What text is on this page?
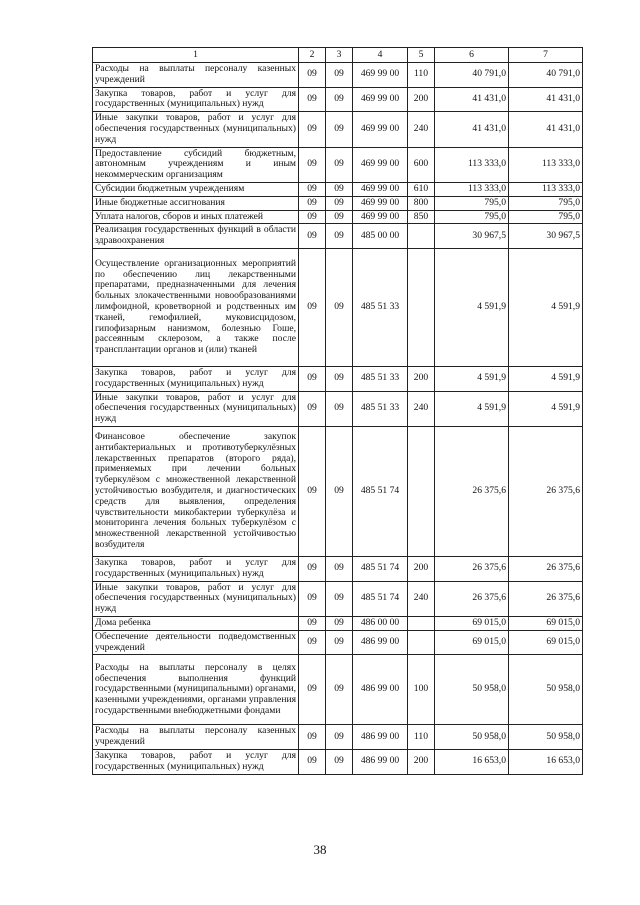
1	2	3	4	5	6	7
Расходы на выплаты персоналу казенных учреждений	09	09	469 99 00	110	40 791,0	40 791,0
Закупка товаров, работ и услуг для государственных (муниципальных) нужд	09	09	469 99 00	200	41 431,0	41 431,0
Иные закупки товаров, работ и услуг для обеспечения государственных (муниципальных) нужд	09	09	469 99 00	240	41 431,0	41 431,0
Предоставление субсидий бюджетным, автономным учреждениям и иным некоммерческим организациям	09	09	469 99 00	600	113 333,0	113 333,0
Субсидии бюджетным учреждениям	09	09	469 99 00	610	113 333,0	113 333,0
Иные бюджетные ассигнования	09	09	469 99 00	800	795,0	795,0
Уплата налогов, сборов и иных платежей	09	09	469 99 00	850	795,0	795,0
Реализация государственных функций в области здравоохранения	09	09	485 00 00		30 967,5	30 967,5
Осуществление организационных мероприятий по обеспечению лиц лекарственными препаратами, предназначенными для лечения больных злокачественными новообразованиями лимфоидной, кроветворной и родственных им тканей, гемофилией, муковисцидозом, гипофизарным нанизмом, болезнью Гоше, рассеянным склерозом, а также после трансплантации органов и (или) тканей	09	09	485 51 33		4 591,9	4 591,9
Закупка товаров, работ и услуг для государственных (муниципальных) нужд	09	09	485 51 33	200	4 591,9	4 591,9
Иные закупки товаров, работ и услуг для обеспечения государственных (муниципальных) нужд	09	09	485 51 33	240	4 591,9	4 591,9
Финансовое обеспечение закупок антибактериальных и противотуберкулёзных лекарственных препаратов (второго ряда), применяемых при лечении больных туберкулёзом с множественной лекарственной устойчивостью возбудителя, и диагностических средств для выявления, определения чувствительности микобактерии туберкулёза и мониторинга лечения больных туберкулёзом с множественной лекарственной устойчивостью возбудителя	09	09	485 51 74		26 375,6	26 375,6
Закупка товаров, работ и услуг для государственных (муниципальных) нужд	09	09	485 51 74	200	26 375,6	26 375,6
Иные закупки товаров, работ и услуг для обеспечения государственных (муниципальных) нужд	09	09	485 51 74	240	26 375,6	26 375,6
Дома ребенка	09	09	486 00 00		69 015,0	69 015,0
Обеспечение деятельности подведомственных учреждений	09	09	486 99 00		69 015,0	69 015,0
Расходы на выплаты персоналу в целях обеспечения выполнения функций государственными (муниципальными) органами, казенными учреждениями, органами управления государственными внебюджетными фондами	09	09	486 99 00	100	50 958,0	50 958,0
Расходы на выплаты персоналу казенных учреждений	09	09	486 99 00	110	50 958,0	50 958,0
Закупка товаров, работ и услуг для государственных (муниципальных) нужд	09	09	486 99 00	200	16 653,0	16 653,0
38
